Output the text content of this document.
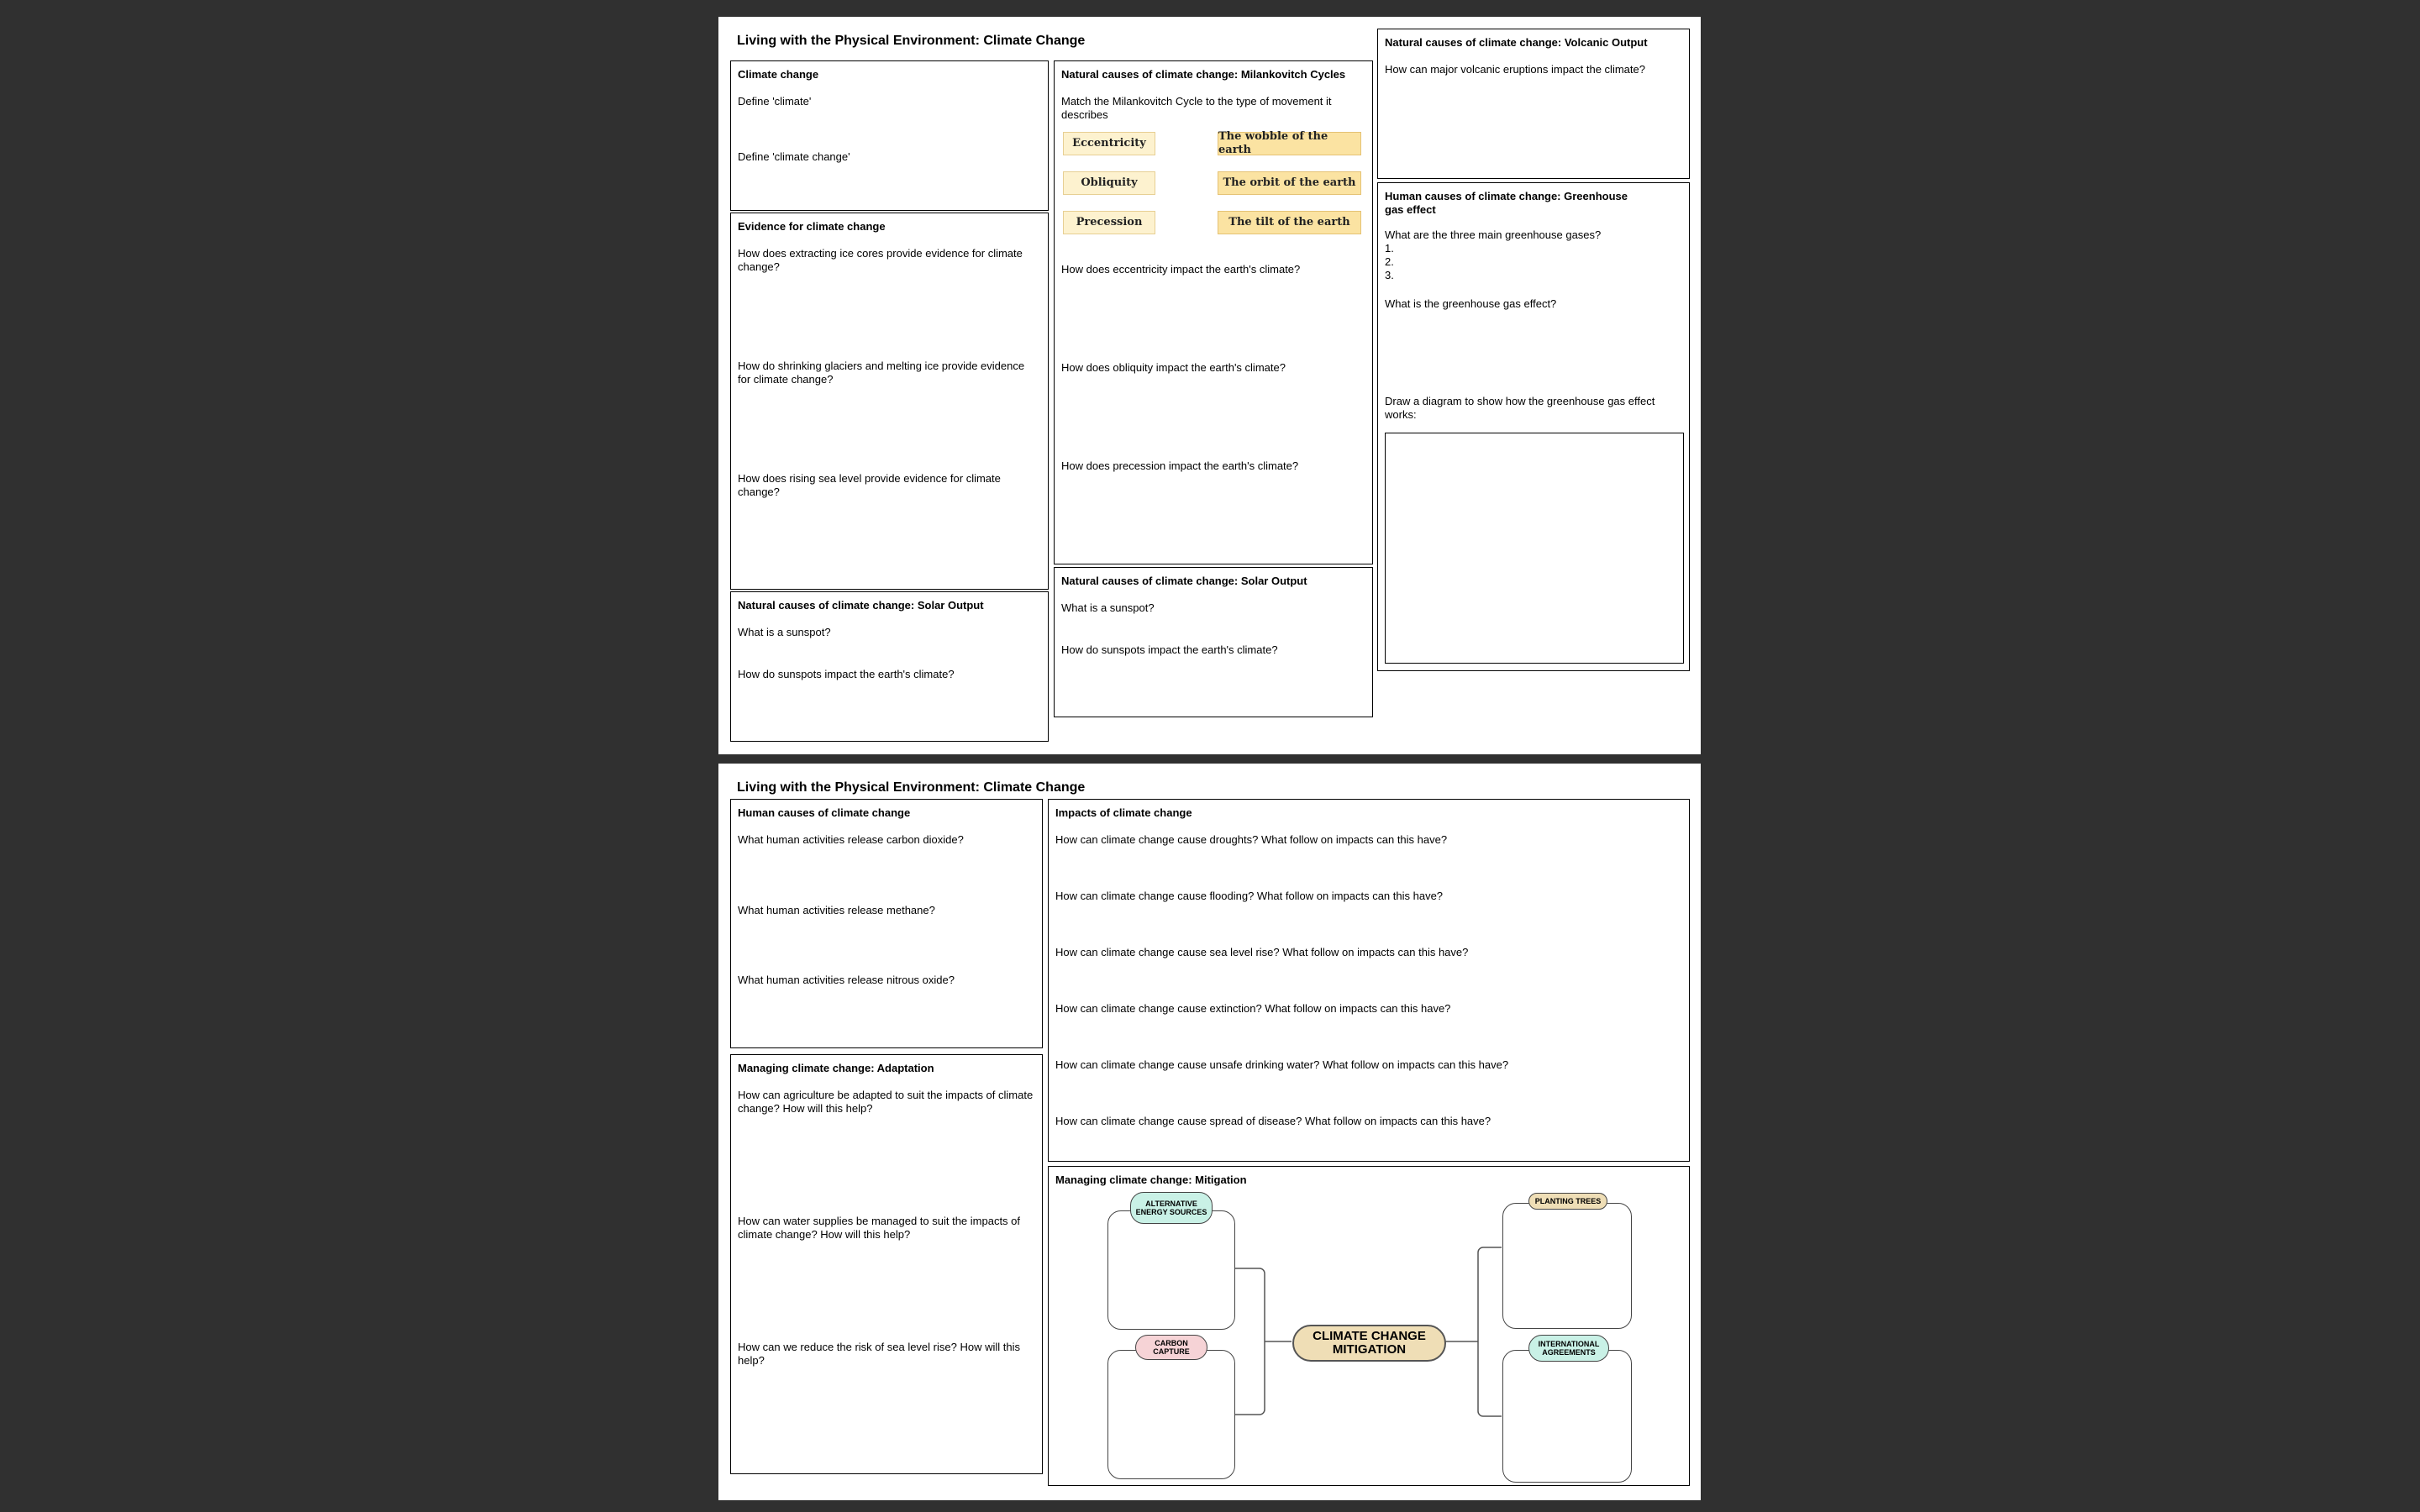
Living with the Physical Environment: Climate Change
Climate change
Define 'climate'
Define 'climate change'
Evidence for climate change
How does extracting ice cores provide evidence for climate change?
How do shrinking glaciers and melting ice provide evidence for climate change?
How does rising sea level provide evidence for climate change?
Natural causes of climate change: Solar Output
What is a sunspot?
How do sunspots impact the earth's climate?
Natural causes of climate change: Milankovitch Cycles
Match the Milankovitch Cycle to the type of movement it describes
Eccentricity
Obliquity
Precession
The wobble of the earth
The orbit of the earth
The tilt of the earth
How does eccentricity impact the earth's climate?
How does obliquity impact the earth's climate?
How does precession impact the earth's climate?
Natural causes of climate change: Solar Output
What is a sunspot?
How do sunspots impact the earth's climate?
Natural causes of climate change: Volcanic Output
How can major volcanic eruptions impact the climate?
Human causes of climate change: Greenhouse gas effect
What are the three main greenhouse gases?
1.
2.
3.
What is the greenhouse gas effect?
Draw a diagram to show how the greenhouse gas effect works:
Living with the Physical Environment: Climate Change
Human causes of climate change
What human activities release carbon dioxide?
What human activities release methane?
What human activities release nitrous oxide?
Managing climate change: Adaptation
How can agriculture be adapted to suit the impacts of climate change? How will this help?
How can water supplies be managed to suit the impacts of climate change? How will this help?
How can we reduce the risk of sea level rise? How will this help?
Impacts of climate change
How can climate change cause droughts? What follow on impacts can this have?
How can climate change cause flooding? What follow on impacts can this have?
How can climate change cause sea level rise? What follow on impacts can this have?
How can climate change cause extinction? What follow on impacts can this have?
How can climate change cause unsafe drinking water? What follow on impacts can this have?
How can climate change cause spread of disease? What follow on impacts can this have?
Managing climate change: Mitigation
ALTERNATIVE ENERGY SOURCES
CARBON CAPTURE
CLIMATE CHANGE MITIGATION
PLANTING TREES
INTERNATIONAL AGREEMENTS
